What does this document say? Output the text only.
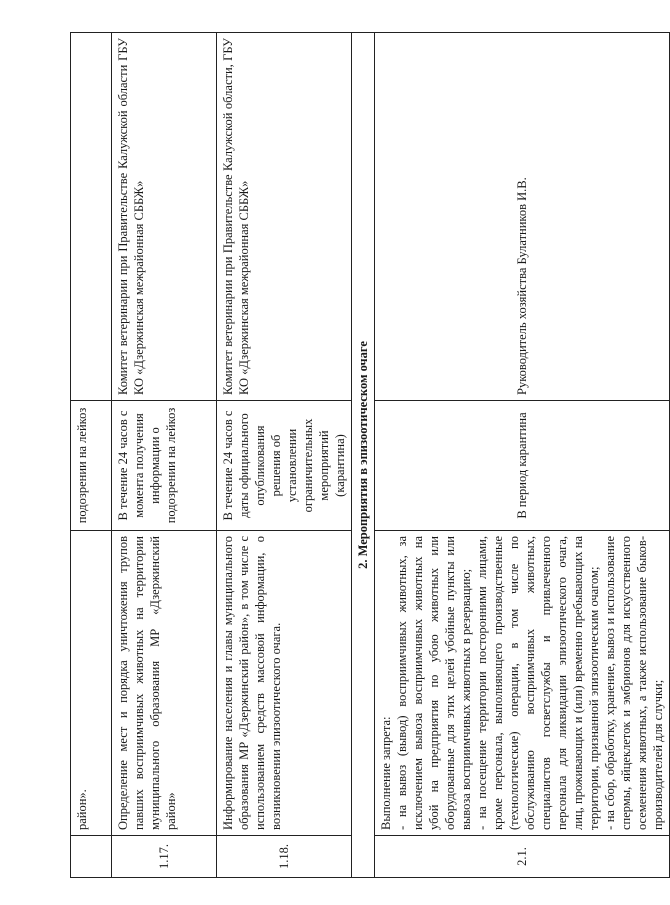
	район».	подозрении на лейкоз	
1.17.	Определение мест и порядка уничтожения трупов павших восприимчивых животных на территории муниципального образования МР «Дзержинский район»	В течение 24 часов с момента получения информации о подозрении на лейкоз	Комитет ветеринарии при Правительстве Калужской области ГБУ КО «Дзержинская межрайонная СББЖ»
1.18.	Информирование населения и главы муниципального образования МР «Дзержинский район», в том числе с использованием средств массовой информации, о возникновении эпизоотического очага.	В течение 24 часов с даты официального опубликования решения об установлении ограничительных мероприятий (карантина)	Комитет ветеринарии при Правительстве Калужской области, ГБУ КО «Дзержинская межрайонная СББЖ»
2. Мероприятия в эпизоотическом очаге			
2.1.	Выполнение запрета: - на вывоз (вывод) восприимчивых животных, за исключением вывоза восприимчивых животных на убой на предприятия по убою животных или оборудованные для этих целей убойные пункты или вывоза восприимчивых животных в резервацию; - на посещение территории посторонними лицами, кроме персонала, выполняющего производственные (технологические) операции, в том числе по обслуживанию восприимчивых животных, специалистов госветслужбы и привлеченного персонала для ликвидации эпизоотического очага, лиц, проживающих и (или) временно пребывающих на территории, признанной эпизоотическим очагом; - на сбор, обработку, хранение, вывоз и использование спермы, яйцеклеток и эмбрионов для искусственного осеменения животных, а также использование быков-производителей для случки;	В период карантина	Руководитель хозяйства Булатников И.В.
